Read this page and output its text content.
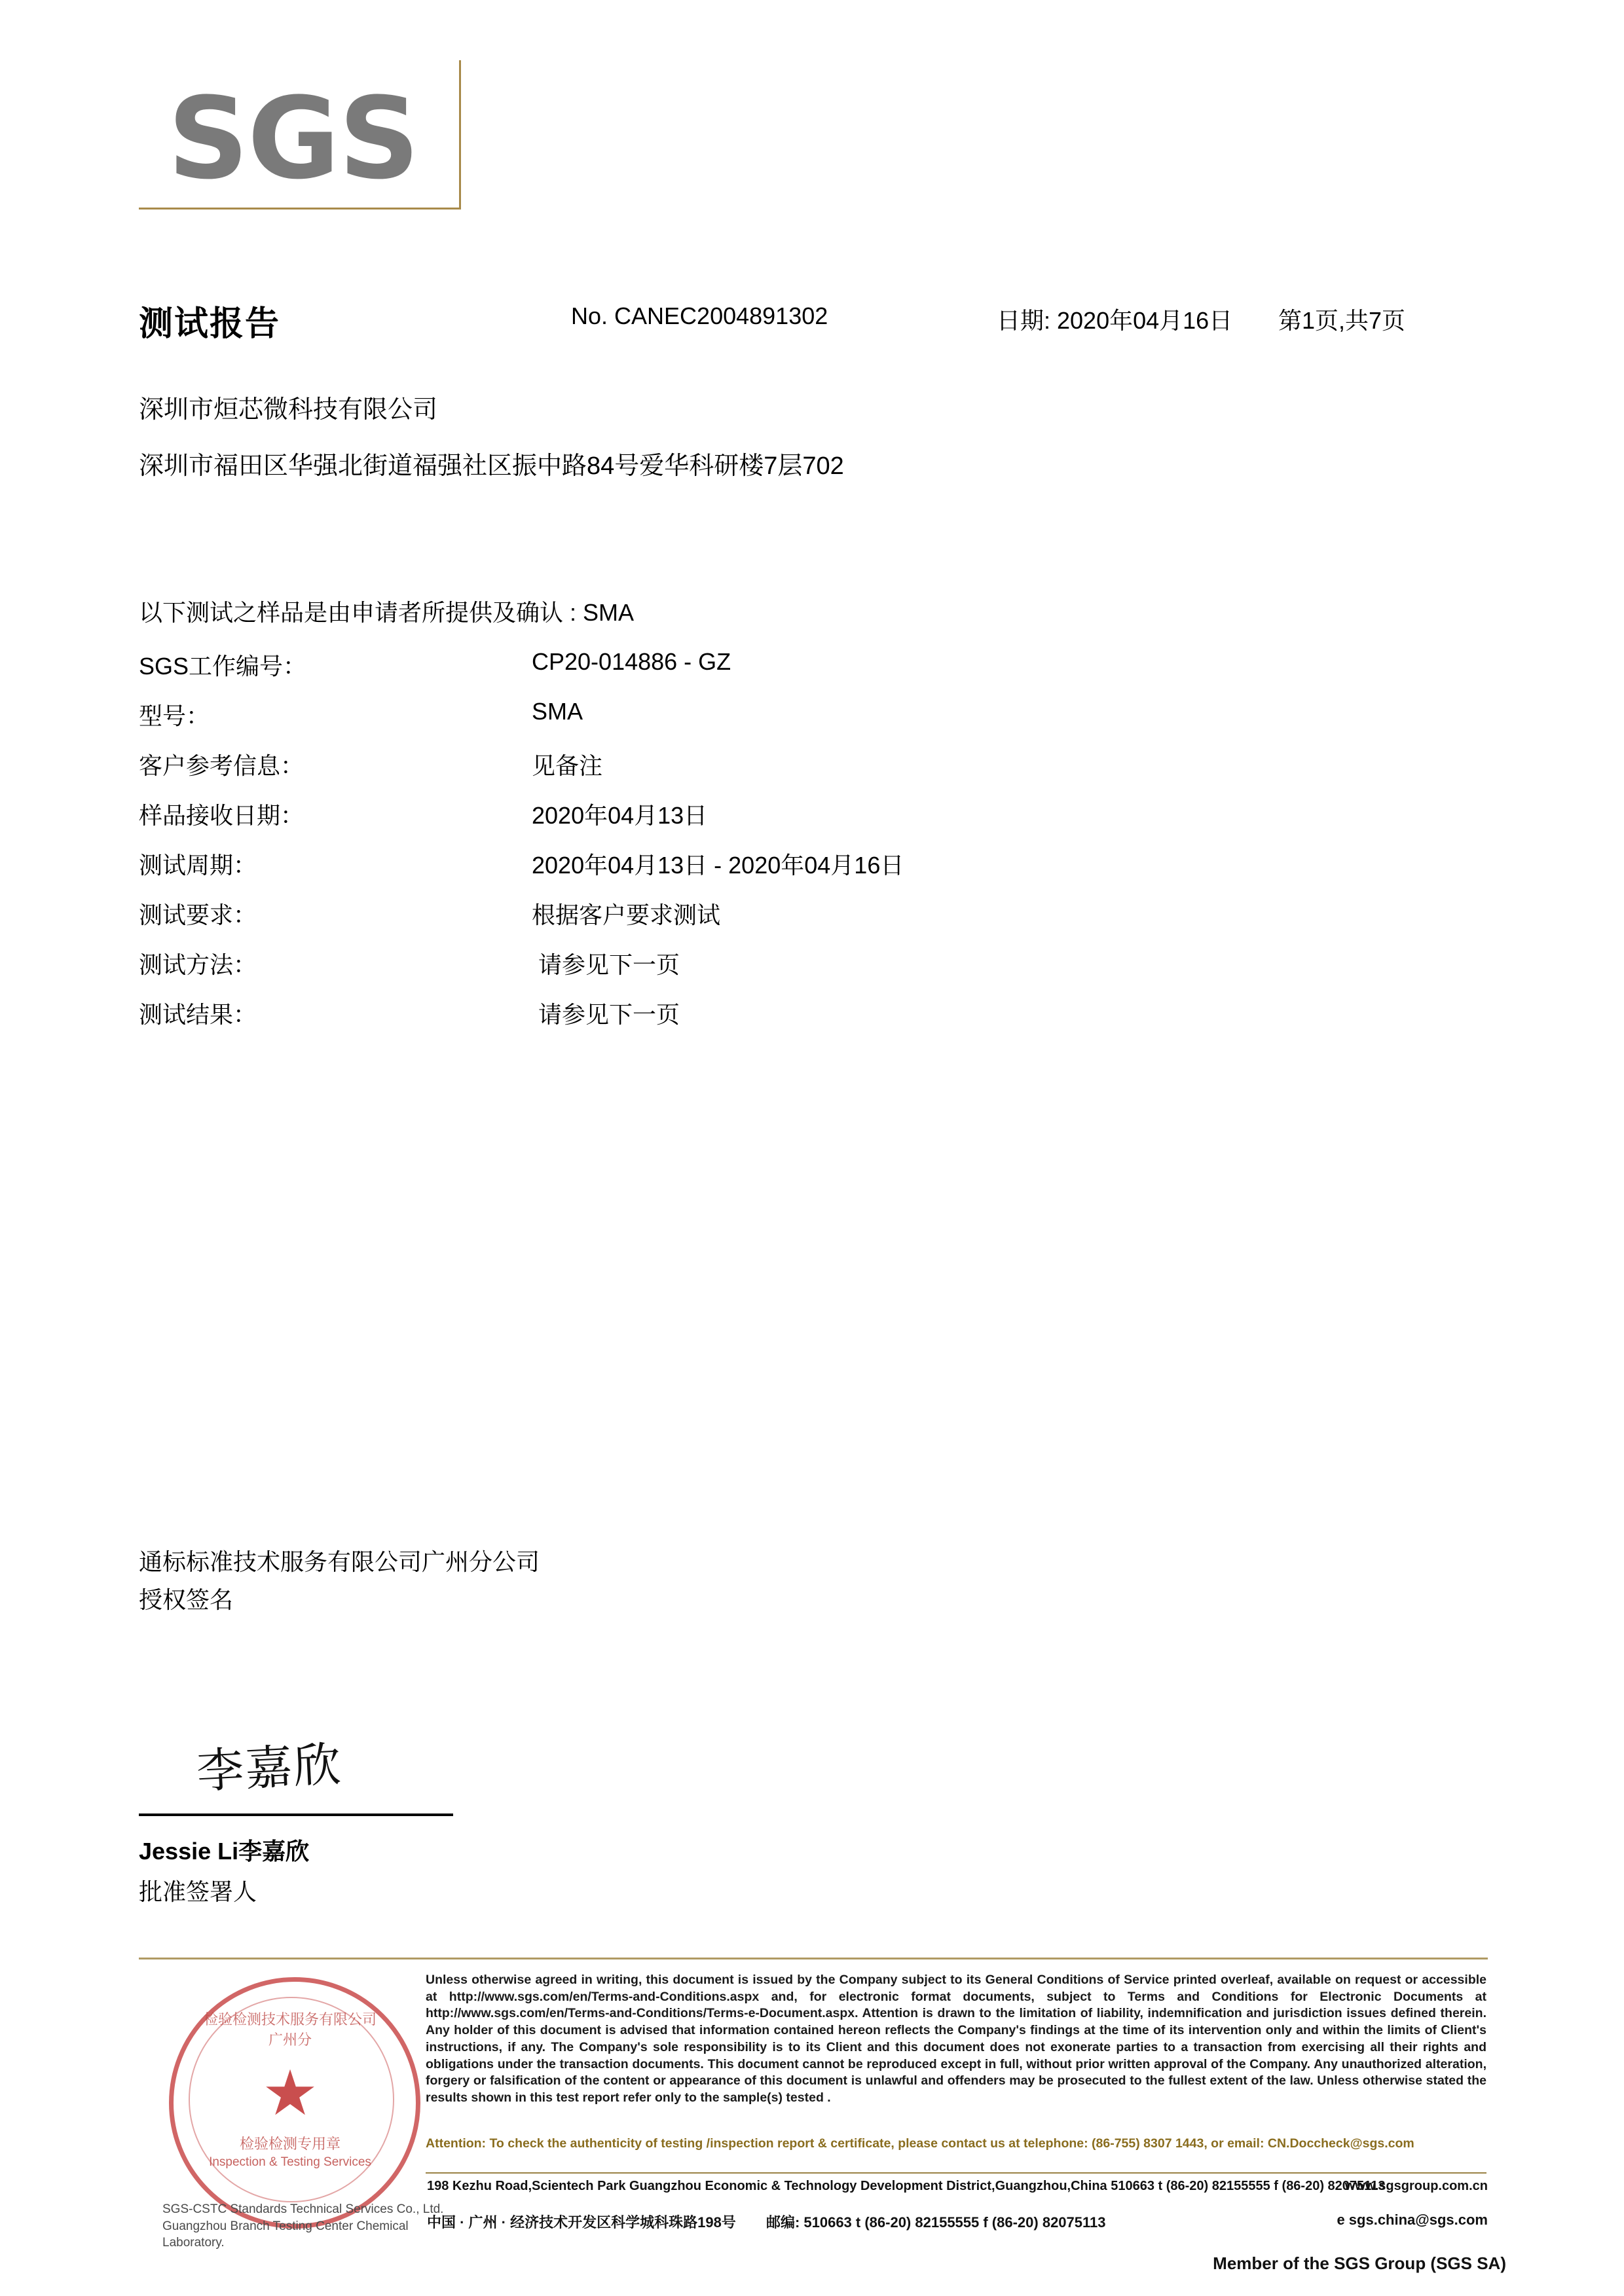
SGS
测试报告	No. CANEC2004891302	日期: 2020年04月16日 第1页,共7页
深圳市烜芯微科技有限公司
深圳市福田区华强北街道福强社区振中路84号爱华科研楼7层702
以下测试之样品是由申请者所提供及确认 : SMA
SGS工作编号：	CP20-014886 - GZ
型号：	SMA
客户参考信息：	见备注
样品接收日期：	2020年04月13日
测试周期：	2020年04月13日 - 2020年04月16日
测试要求：	根据客户要求测试
测试方法：	请参见下一页
测试结果：	请参见下一页
通标标准技术服务有限公司广州分公司
授权签名
李嘉欣
Jessie Li李嘉欣
批准签署人
检验检测技术服务有限公司广州分
★
检验检测专用章
Inspection & Testing Services
SGS-CSTC Standards Technical Services Co., Ltd.
Guangzhou Branch Testing Center Chemical Laboratory.
Unless otherwise agreed in writing, this document is issued by the Company subject to its General Conditions of Service printed overleaf, available on request or accessible at http://www.sgs.com/en/Terms-and-Conditions.aspx and, for electronic format documents, subject to Terms and Conditions for Electronic Documents at http://www.sgs.com/en/Terms-and-Conditions/Terms-e-Document.aspx. Attention is drawn to the limitation of liability, indemnification and jurisdiction issues defined therein. Any holder of this document is advised that information contained hereon reflects the Company's findings at the time of its intervention only and within the limits of Client's instructions, if any. The Company's sole responsibility is to its Client and this document does not exonerate parties to a transaction from exercising all their rights and obligations under the transaction documents. This document cannot be reproduced except in full, without prior written approval of the Company. Any unauthorized alteration, forgery or falsification of the content or appearance of this document is unlawful and offenders may be prosecuted to the fullest extent of the law. Unless otherwise stated the results shown in this test report refer only to the sample(s) tested .
Attention: To check the authenticity of testing /inspection report & certificate, please contact us at telephone: (86-755) 8307 1443, or email: CN.Doccheck@sgs.com
www.sgsgroup.com.cn
198 Kezhu Road,Scientech Park Guangzhou Economic & Technology Development District,Guangzhou,China 510663 t (86-20) 82155555 f (86-20) 82075113
e sgs.china@sgs.com
中国 · 广州 · 经济技术开发区科学城科珠路198号 邮编: 510663 t (86-20) 82155555 f (86-20) 82075113
Member of the SGS Group (SGS SA)
